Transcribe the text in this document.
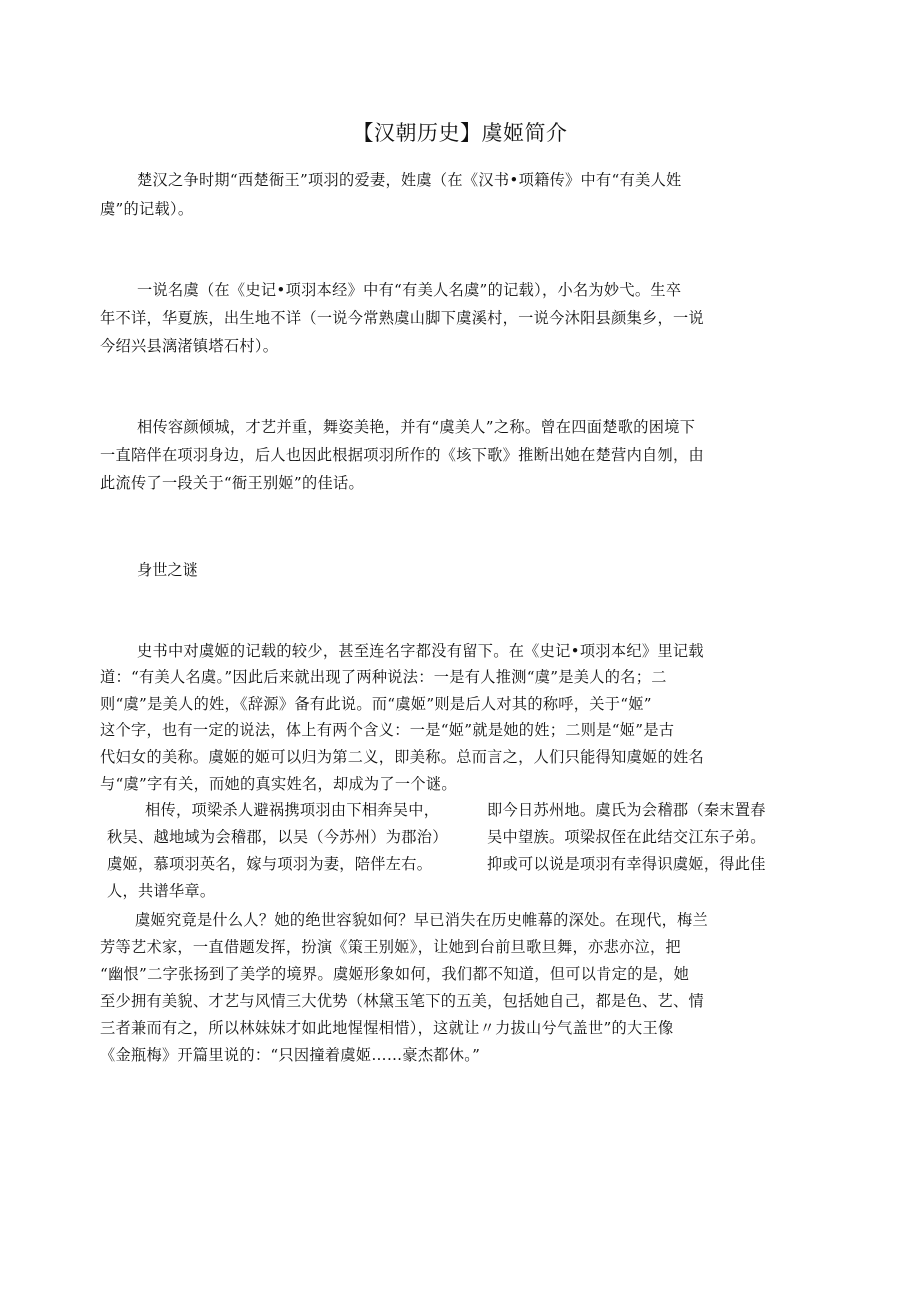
【汉朝历史】虞姬简介
楚汉之争时期“西楚衙王”项羽的爱妻，姓虞（在《汉书•项籍传》中有“有美人姓
虞”的记载）。
一说名虞（在《史记•项羽本经》中有“有美人名虞”的记载），小名为妙弋。生卒
年不详，华夏族，出生地不详（一说今常熟虞山脚下虞溪村，一说今沐阳县颜集乡，一说
今绍兴县漓渚镇塔石村）。
相传容颜倾城，才艺并重，舞姿美艳，并有“虞美人”之称。曾在四面楚歌的困境下
一直陪伴在项羽身边，后人也因此根据项羽所作的《垓下歌》推断出她在楚营内自刎，由
此流传了一段关于“衙王别姬”的佳话。
身世之谜
史书中对虞姬的记载的较少，甚至连名字都没有留下。在《史记•项羽本纪》里记载
道：“有美人名虞。”因此后来就出现了两种说法：一是有人推测“虞”是美人的名；二
则“虞”是美人的姓，《辞源》备有此说。而“虞姬”则是后人对其的称呼，关于“姬”
这个字，也有一定的说法，体上有两个含义：一是“姬”就是她的姓；二则是“姬”是古
代妇女的美称。虞姬的姬可以归为第二义，即美称。总而言之，人们只能得知虞姬的姓名
与“虞”字有关，而她的真实姓名，却成为了一个谜。
相传，项梁杀人避祸携项羽由下相奔吴中，
秋吴、越地域为会稽郡，以吴（今苏州）为郡治）
虞姬，慕项羽英名，嫁与项羽为妻，陪伴左右。
即今日苏州地。虞氏为会稽郡（秦末置春
吴中望族。项梁叔侄在此结交江东子弟。
抑或可以说是项羽有幸得识虞姬，得此佳
人，共谱华章。
虞姬究竟是什么人？她的绝世容貌如何？早已消失在历史帷幕的深处。在现代，梅兰
芳等艺术家，一直借题发挥，扮演《策王别姬》，让她到台前旦歌旦舞，亦悲亦泣，把
“幽恨”二字张扬到了美学的境界。虞姬形象如何，我们都不知道，但可以肯定的是，她
至少拥有美貌、才艺与风情三大优势（林黛玉笔下的五美，包括她自己，都是色、艺、情
三者兼而有之，所以林妹妹才如此地惺惺相惜），这就让〃力拔山兮气盖世”的大王像
《金瓶梅》开篇里说的：“只因撞着虞姬……豪杰都休。”
